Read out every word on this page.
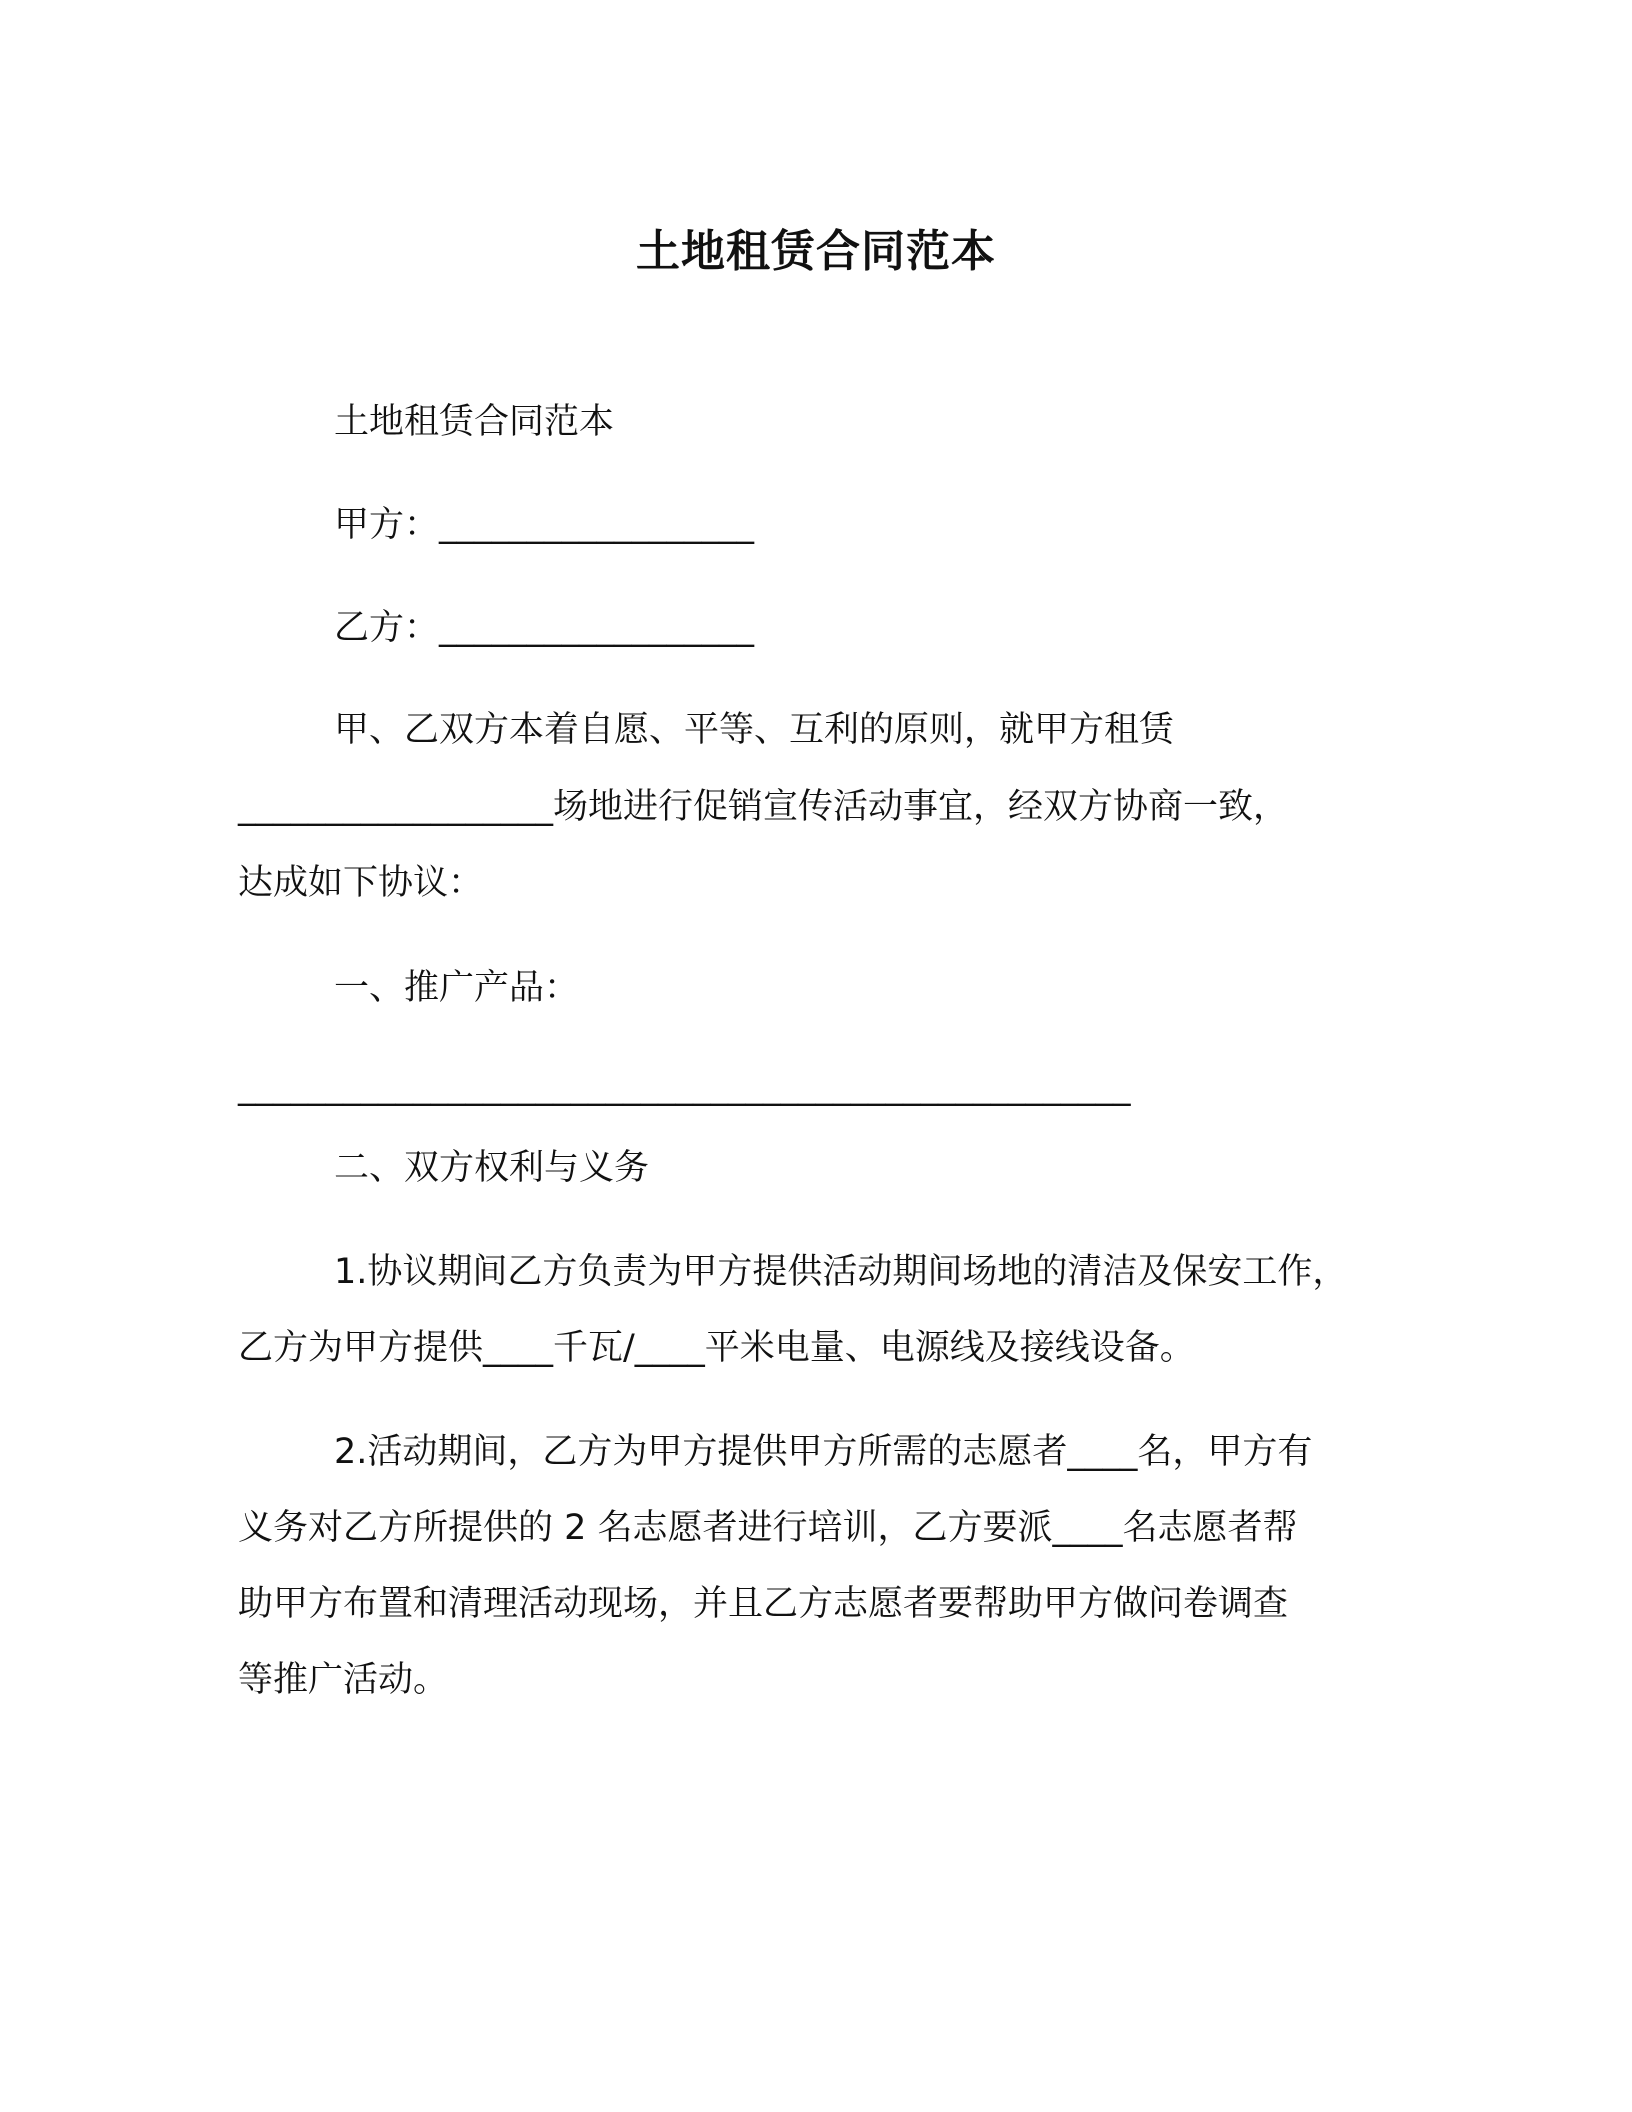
土地租赁合同范本
土地租赁合同范本
甲方：__________________
乙方：__________________
甲、乙双方本着自愿、平等、互利的原则，就甲方租赁
__________________场地进行促销宣传活动事宜，经双方协商一致，
达成如下协议：
一、推广产品：
___________________________________________________
二、双方权利与义务
1.协议期间乙方负责为甲方提供活动期间场地的清洁及保安工作，
乙方为甲方提供____千瓦/____平米电量、电源线及接线设备。
2.活动期间，乙方为甲方提供甲方所需的志愿者____名，甲方有
义务对乙方所提供的 2 名志愿者进行培训，乙方要派____名志愿者帮
助甲方布置和清理活动现场，并且乙方志愿者要帮助甲方做问卷调查
等推广活动。
